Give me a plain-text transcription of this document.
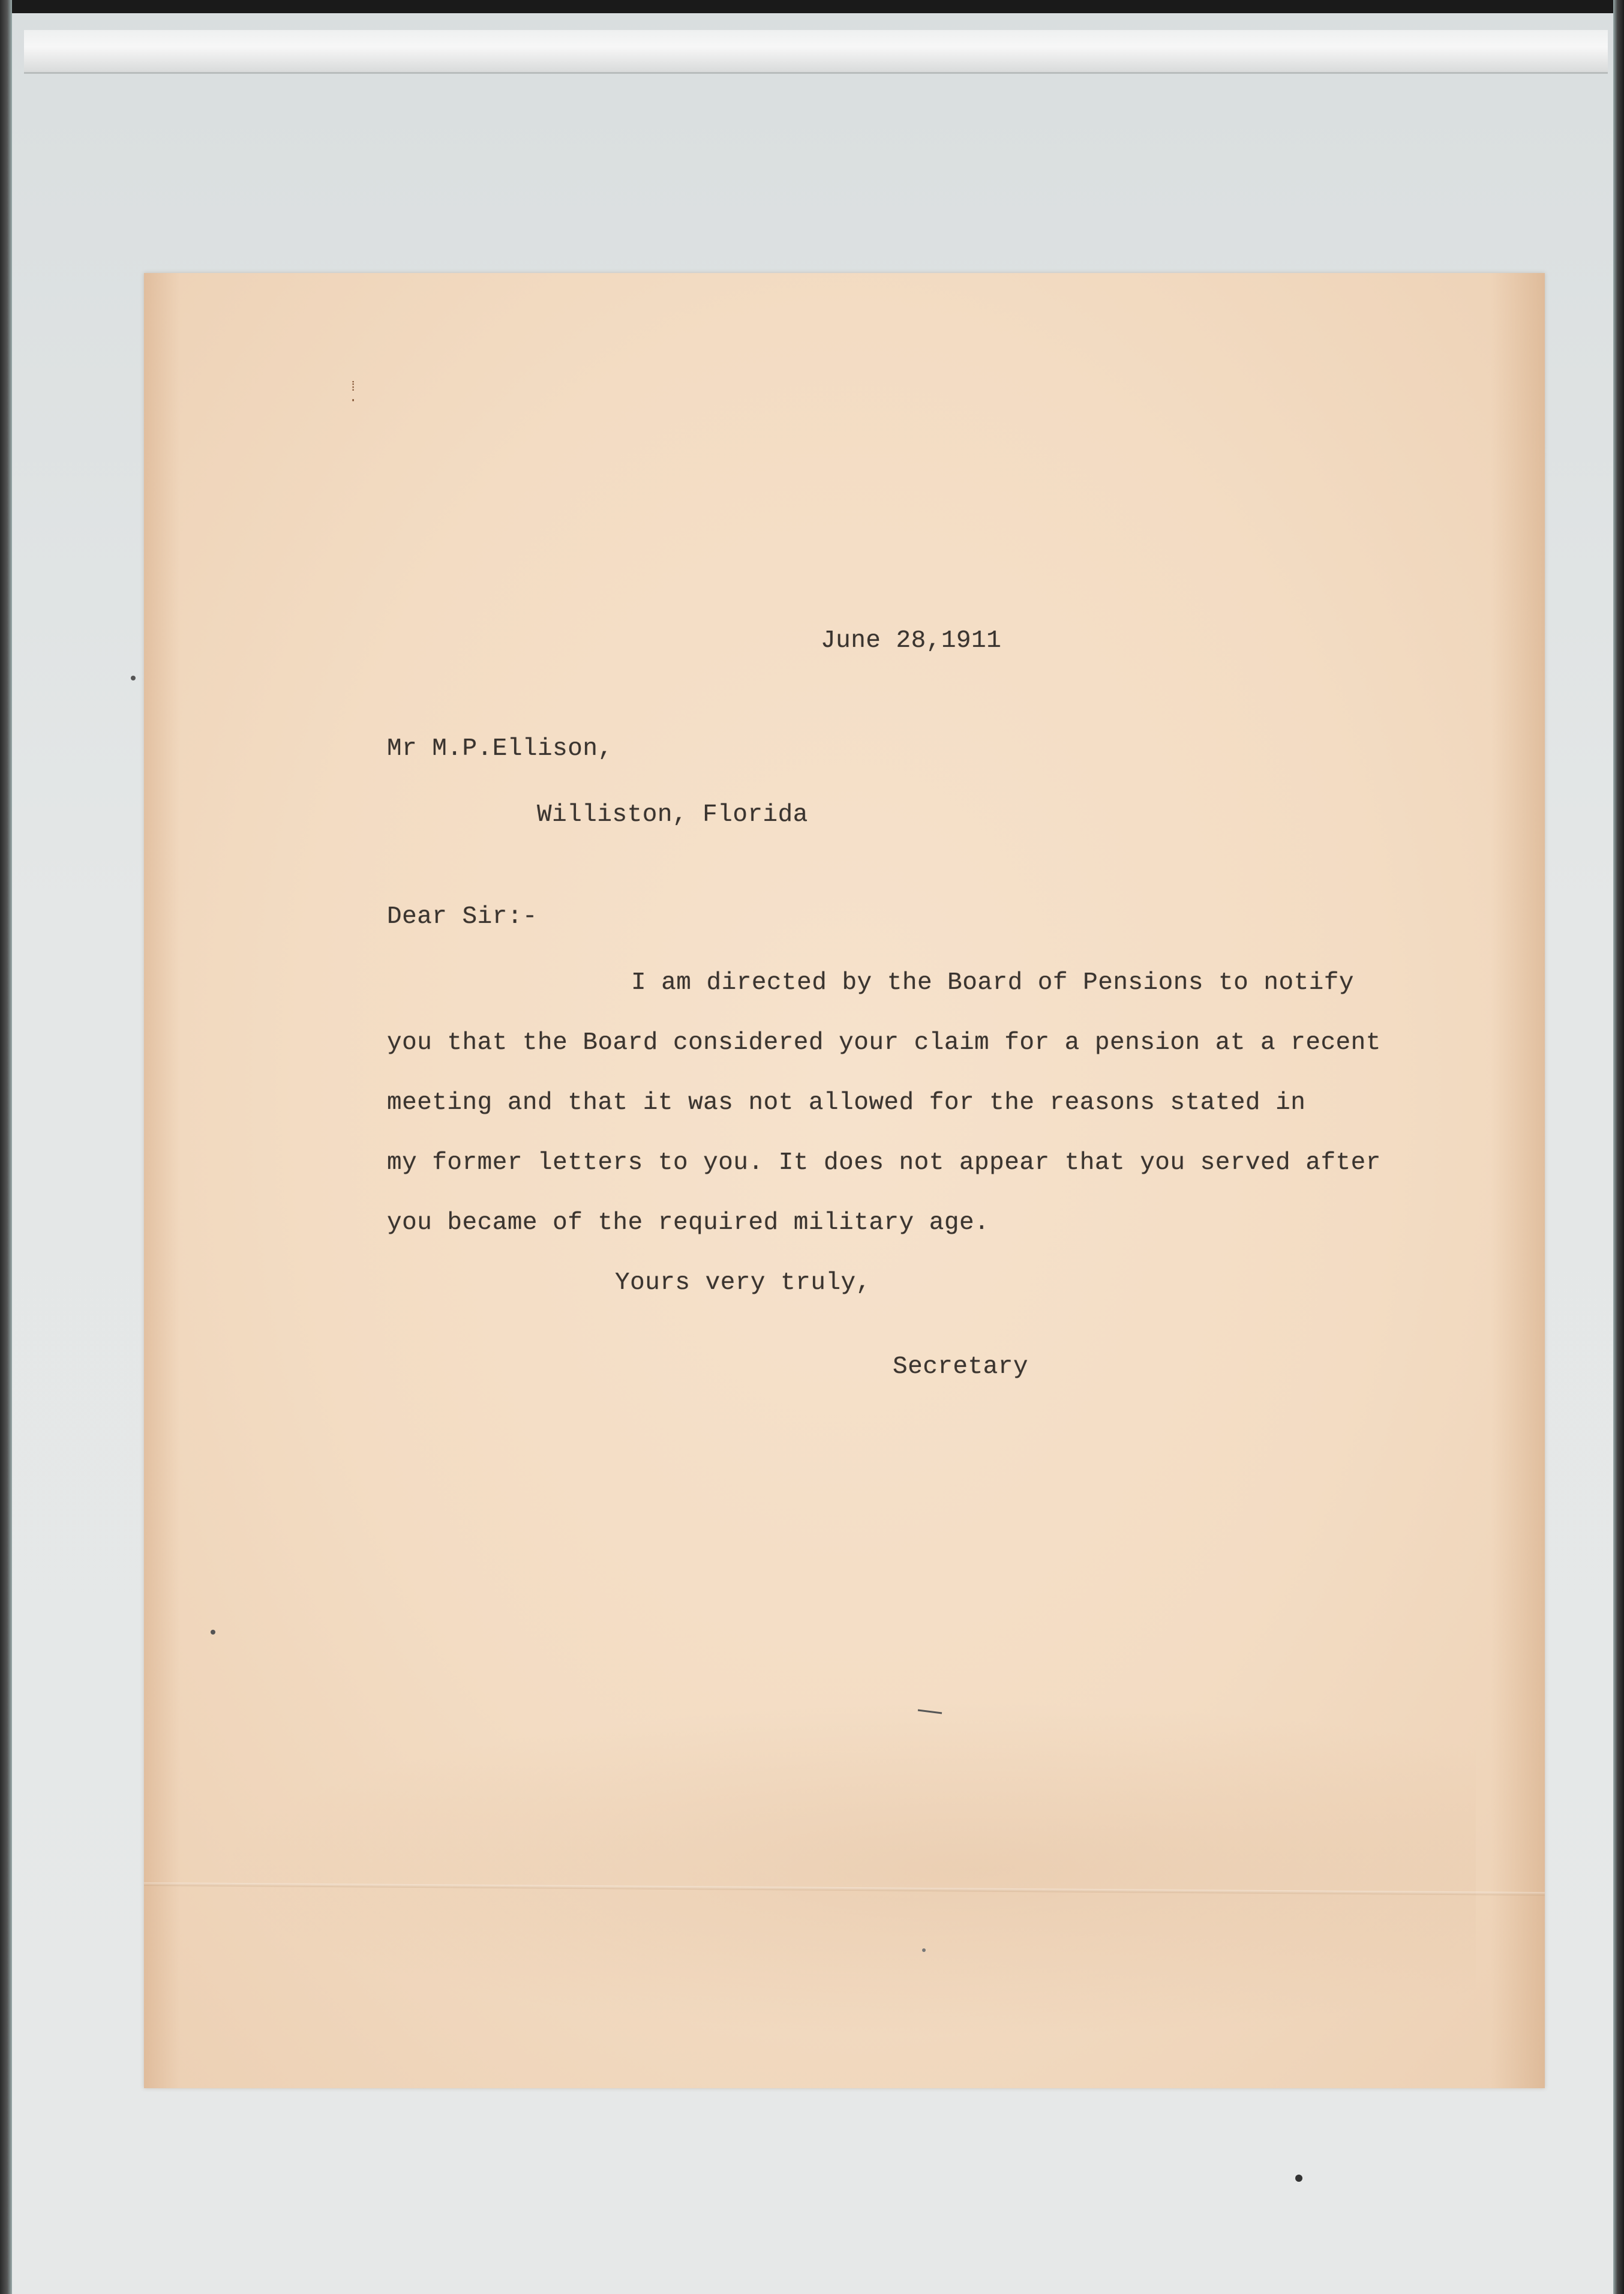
⁞
·
June 28,1911
Mr M.P.Ellison,
Williston, Florida
Dear Sir:-
I am directed by the Board of Pensions to notify
you that the Board considered your claim for a pension at a recent
meeting and that it was not allowed for the reasons stated in
my former letters to you. It does not appear that you served after
you became of the required military age.
Yours very truly,
Secretary
